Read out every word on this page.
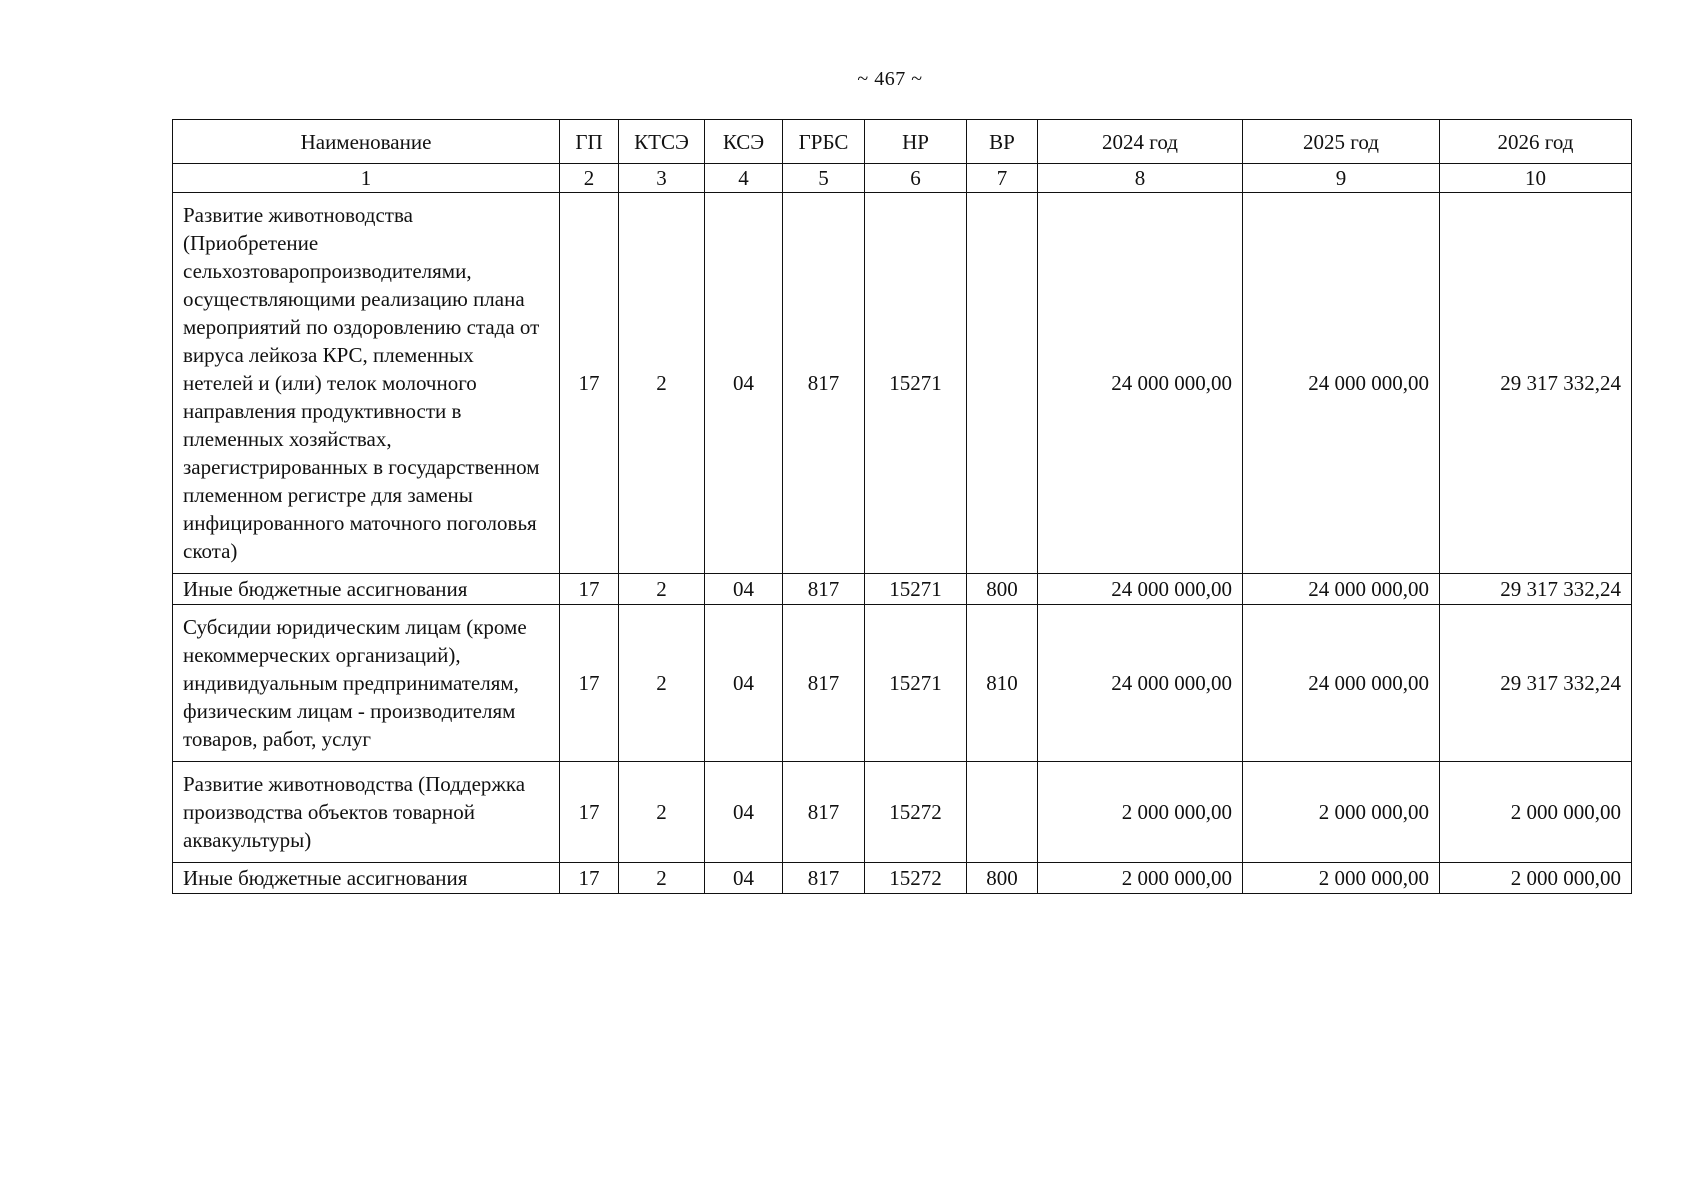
~ 467 ~
Наименование	ГП	КТСЭ	КСЭ	ГРБС	НР	ВР	2024 год	2025 год	2026 год
1	2	3	4	5	6	7	8	9	10
Развитие животноводства (Приобретение сельхозтоваропроизводителями, осуществляющими реализацию плана мероприятий по оздоровлению стада от вируса лейкоза КРС, племенных нетелей и (или) телок молочного направления продуктивности в племенных хозяйствах, зарегистрированных в государственном племенном регистре для замены инфицированного маточного поголовья скота)	17	2	04	817	15271		24 000 000,00	24 000 000,00	29 317 332,24
Иные бюджетные ассигнования	17	2	04	817	15271	800	24 000 000,00	24 000 000,00	29 317 332,24
Субсидии юридическим лицам (кроме некоммерческих организаций), индивидуальным предпринимателям, физическим лицам - производителям товаров, работ, услуг	17	2	04	817	15271	810	24 000 000,00	24 000 000,00	29 317 332,24
Развитие животноводства (Поддержка производства объектов товарной аквакультуры)	17	2	04	817	15272		2 000 000,00	2 000 000,00	2 000 000,00
Иные бюджетные ассигнования	17	2	04	817	15272	800	2 000 000,00	2 000 000,00	2 000 000,00
